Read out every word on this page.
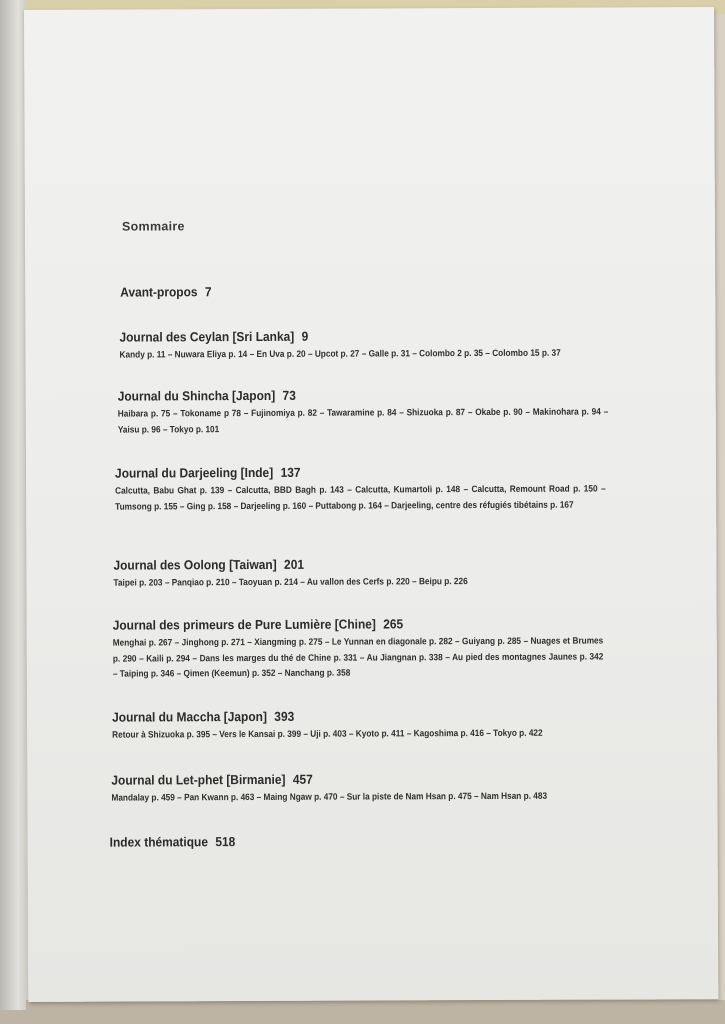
Sommaire
Avant-propos 7
Journal des Ceylan [Sri Lanka] 9
Kandy p. 11 – Nuwara Eliya p. 14 – En Uva p. 20 – Upcot p. 27 – Galle p. 31 – Colombo 2 p. 35 – Colombo 15 p. 37
Journal du Shincha [Japon] 73
Haibara p. 75 – Tokoname p 78 – Fujinomiya p. 82 – Tawaramine p. 84 – Shizuoka p. 87 – Okabe p. 90 – Makinohara p. 94 – Yaisu p. 96 – Tokyo p. 101
Journal du Darjeeling [Inde] 137
Calcutta, Babu Ghat p. 139 – Calcutta, BBD Bagh p. 143 – Calcutta, Kumartoli p. 148 – Calcutta, Remount Road p. 150 – Tumsong p. 155 – Ging p. 158 – Darjeeling p. 160 – Puttabong p. 164 – Darjeeling, centre des réfugiés tibétains p. 167
Journal des Oolong [Taiwan] 201
Taipei p. 203 – Panqiao p. 210 – Taoyuan p. 214 – Au vallon des Cerfs p. 220 – Beipu p. 226
Journal des primeurs de Pure Lumière [Chine] 265
Menghai p. 267 – Jinghong p. 271 – Xiangming p. 275 – Le Yunnan en diagonale p. 282 – Guiyang p. 285 – Nuages et Brumes p. 290 – Kaili p. 294 – Dans les marges du thé de Chine p. 331 – Au Jiangnan p. 338 – Au pied des montagnes Jaunes p. 342 – Taiping p. 346 – Qimen (Keemun) p. 352 – Nanchang p. 358
Journal du Maccha [Japon] 393
Retour à Shizuoka p. 395 – Vers le Kansai p. 399 – Uji p. 403 – Kyoto p. 411 – Kagoshima p. 416 – Tokyo p. 422
Journal du Let-phet [Birmanie] 457
Mandalay p. 459 – Pan Kwann p. 463 – Maing Ngaw p. 470 – Sur la piste de Nam Hsan p. 475 – Nam Hsan p. 483
Index thématique 518
